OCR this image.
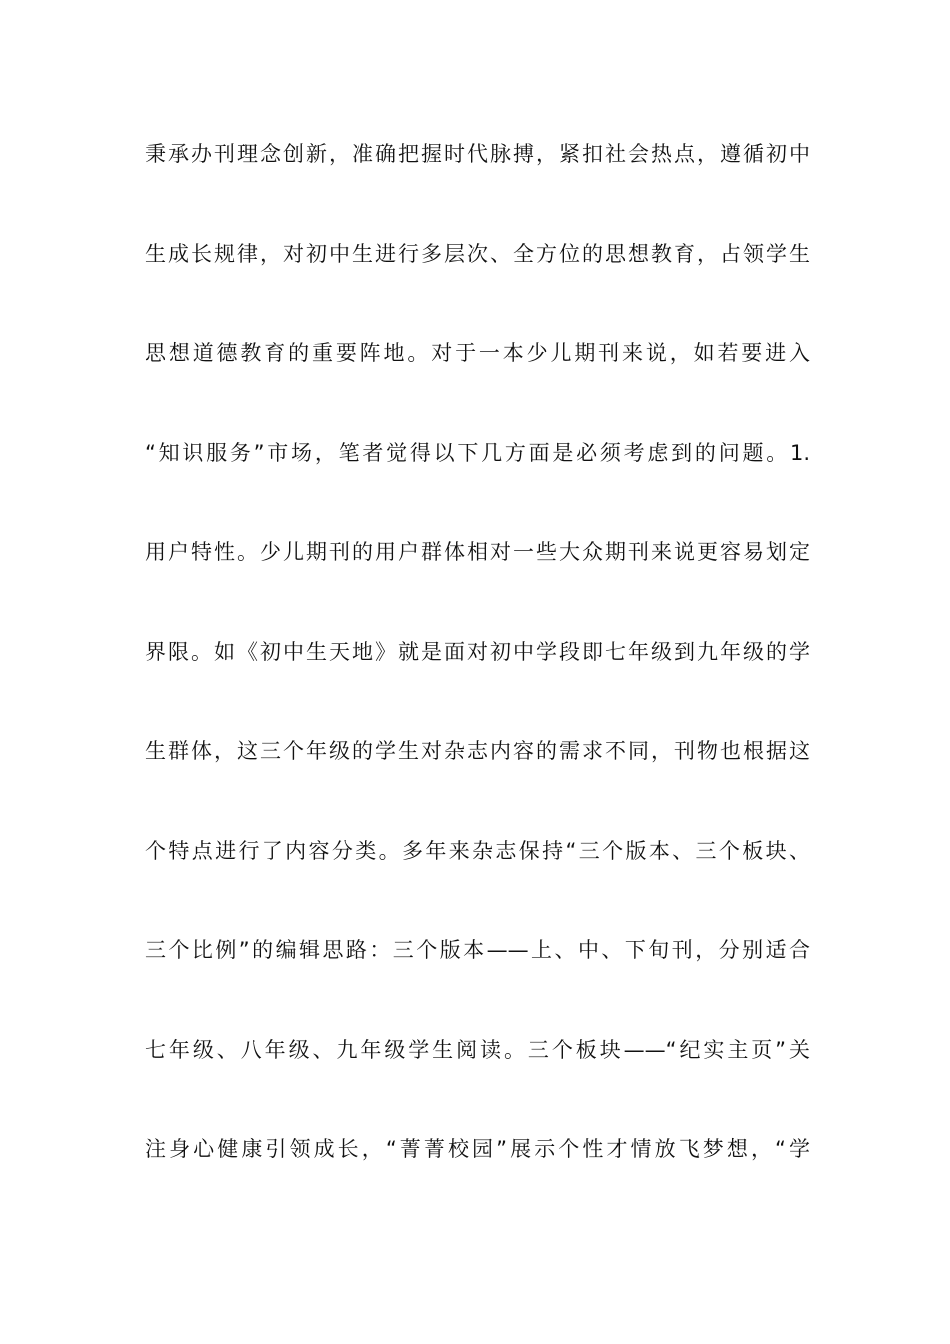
秉承办刊理念创新，准确把握时代脉搏，紧扣社会热点，遵循初中
生成长规律，对初中生进行多层次、全方位的思想教育，占领学生
思想道德教育的重要阵地。对于一本少儿期刊来说，如若要进入
“知识服务”市场，笔者觉得以下几方面是必须考虑到的问题。1.
用户特性。少儿期刊的用户群体相对一些大众期刊来说更容易划定
界限。如《初中生天地》就是面对初中学段即七年级到九年级的学
生群体，这三个年级的学生对杂志内容的需求不同，刊物也根据这
个特点进行了内容分类。多年来杂志保持“三个版本、三个板块、
三个比例”的编辑思路：三个版本——上、中、下旬刊，分别适合
七年级、八年级、九年级学生阅读。三个板块——“纪实主页”关
注身心健康引领成长，“菁菁校园”展示个性才情放飞梦想，“学
